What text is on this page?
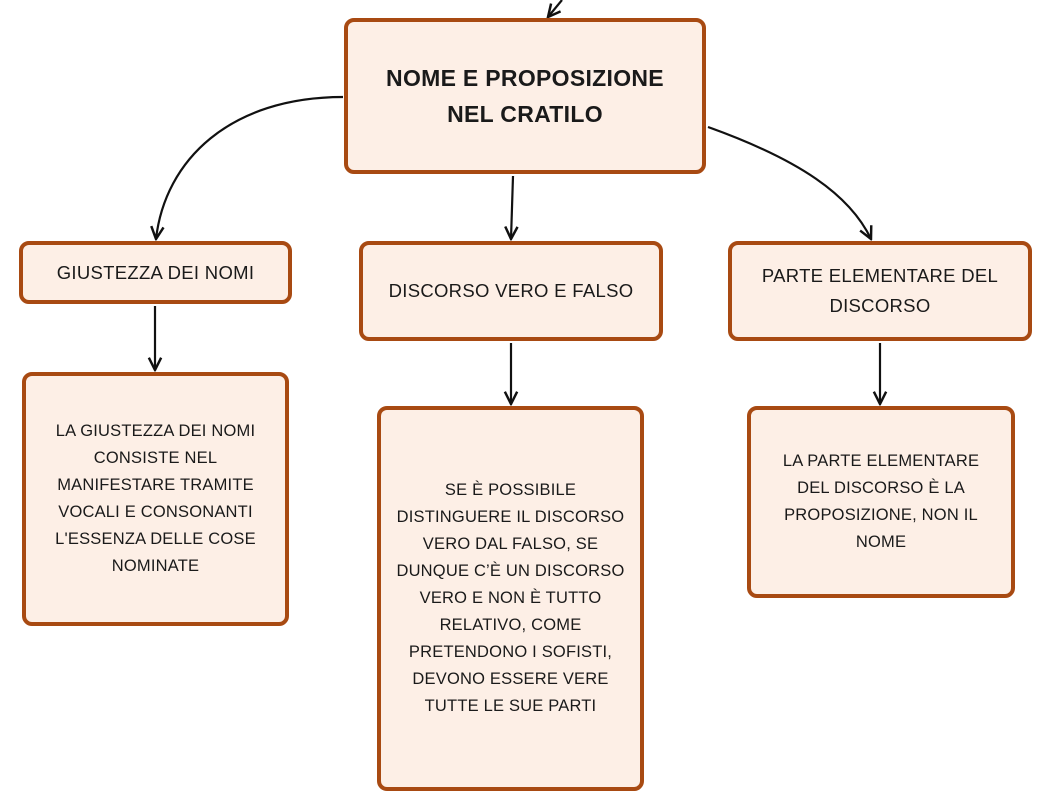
NOME E PROPOSIZIONE
NEL CRATILO
GIUSTEZZA DEI NOMI
DISCORSO VERO E FALSO
PARTE ELEMENTARE DEL
DISCORSO
LA GIUSTEZZA DEI NOMI
CONSISTE NEL
MANIFESTARE TRAMITE
VOCALI E CONSONANTI
L'ESSENZA DELLE COSE
NOMINATE
SE È POSSIBILE
DISTINGUERE IL DISCORSO
VERO DAL FALSO, SE
DUNQUE C’È UN DISCORSO
VERO E NON È TUTTO
RELATIVO, COME
PRETENDONO I SOFISTI,
DEVONO ESSERE VERE
TUTTE LE SUE PARTI
LA PARTE ELEMENTARE
DEL DISCORSO È LA
PROPOSIZIONE, NON IL
NOME
